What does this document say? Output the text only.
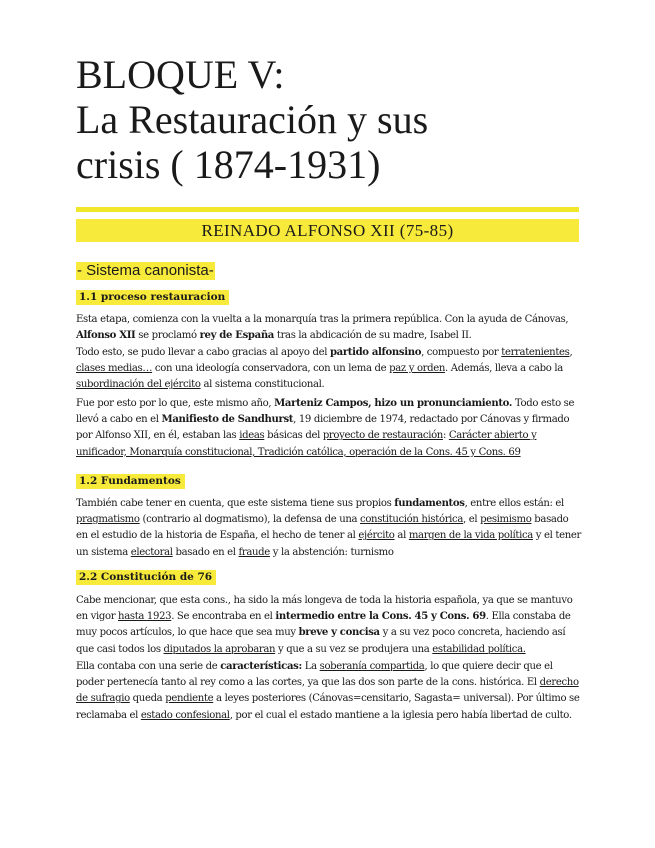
BLOQUE V:
La Restauración y sus
crisis ( 1874-1931)
REINADO ALFONSO XII (75-85)
- Sistema canonista-
1.1 proceso restauracion

Esta etapa, comienza con la vuelta a la monarquía tras la primera república. Con la ayuda de Cánovas, Alfonso XII se proclamó rey de España tras la abdicación de su madre, Isabel II.

Todo esto, se pudo llevar a cabo gracias al apoyo del partido alfonsino, compuesto por terratenientes, clases medias… con una ideología conservadora, con un lema de paz y orden. Además, lleva a cabo la subordinación del ejército al sistema constitucional.

Fue por esto por lo que, este mismo año, Marteniz Campos, hizo un pronunciamiento. Todo esto se llevó a cabo en el Manifiesto de Sandhurst, 19 diciembre de 1974, redactado por Cánovas y firmado por Alfonso XII, en él, estaban las ideas básicas del proyecto de restauración: Carácter abierto y unificador, Monarquía constitucional, Tradición católica, operación de la Cons. 45 y Cons. 69

1.2 Fundamentos

También cabe tener en cuenta, que este sistema tiene sus propios fundamentos, entre ellos están: el pragmatismo (contrario al dogmatismo), la defensa de una constitución histórica, el pesimismo basado en el estudio de la historia de España, el hecho de tener al ejército al margen de la vida política y el tener un sistema electoral basado en el fraude y la abstención: turnismo

2.2 Constitución de 76

Cabe mencionar, que esta cons., ha sido la más longeva de toda la historia española, ya que se mantuvo en vigor hasta 1923. Se encontraba en el intermedio entre la Cons. 45 y Cons. 69. Ella constaba de muy pocos artículos, lo que hace que sea muy breve y concisa y a su vez poco concreta, haciendo así que casi todos los diputados la aprobaran y que a su vez se produjera una estabilidad política.

Ella contaba con una serie de características: La soberanía compartida, lo que quiere decir que el poder pertenecía tanto al rey como a las cortes, ya que las dos son parte de la cons. histórica. El derecho de sufragio queda pendiente a leyes posteriores (Cánovas=censitario, Sagasta= universal). Por último se reclamaba el estado confesional, por el cual el estado mantiene a la iglesia pero había libertad de culto.
